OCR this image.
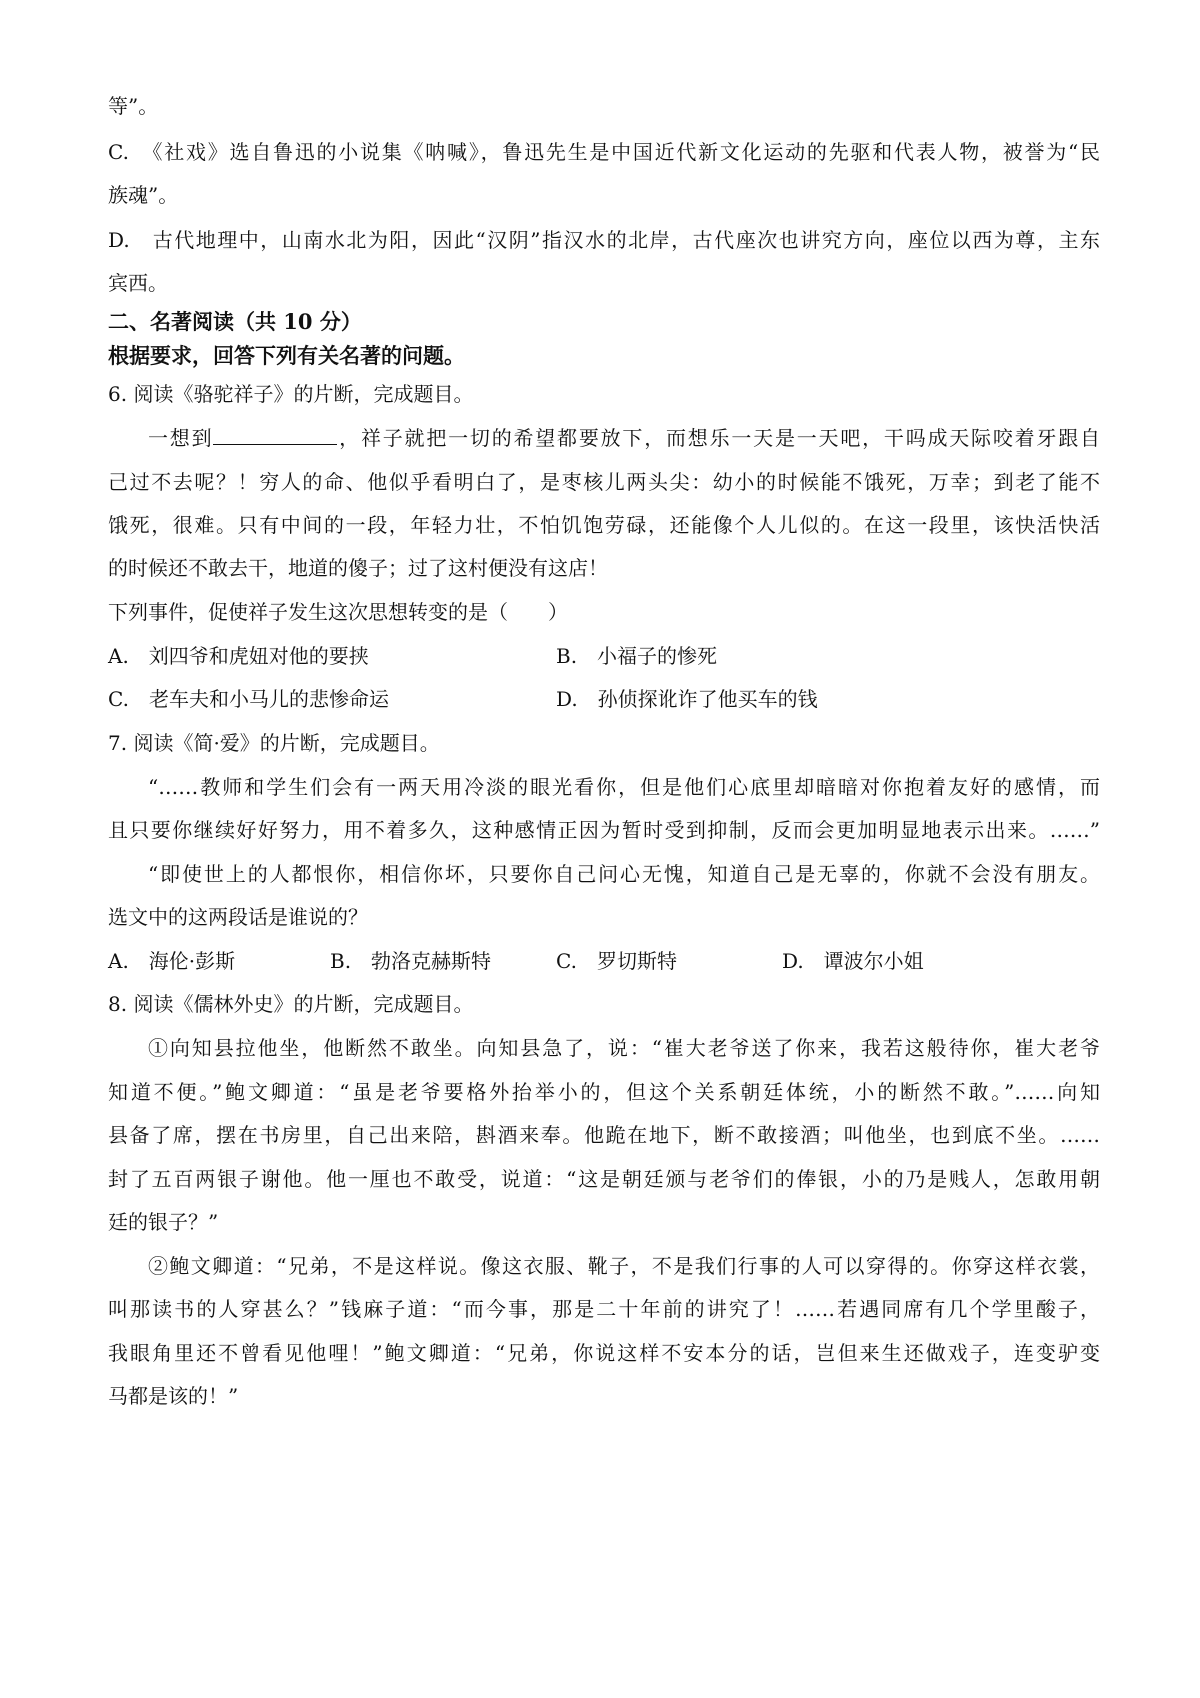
等”。
C.　《社戏》选自鲁迅的小说集《呐喊》，鲁迅先生是中国近代新文化运动的先驱和代表人物，被誉为“民
族魂”。
D.　古代地理中，山南水北为阳，因此“汉阴”指汉水的北岸，古代座次也讲究方向，座位以西为尊，主东
宾西。
二、名著阅读（共 10 分）
根据要求，回答下列有关名著的问题。
6. 阅读《骆驼祥子》的片断，完成题目。
一想到	，祥子就把一切的希望都要放下，而想乐一天是一天吧，干吗成天际咬着牙跟自
己过不去呢？！穷人的命、他似乎看明白了，是枣核儿两头尖：幼小的时候能不饿死，万幸；到老了能不
饿死，很难。只有中间的一段，年轻力壮，不怕饥饱劳碌，还能像个人儿似的。在这一段里，该快活快活
的时候还不敢去干，地道的傻子；过了这村便没有这店！
下列事件，促使祥子发生这次思想转变的是（　　）
A.　刘四爷和虎妞对他的要挟	B.　小福子的惨死
C.　老车夫和小马儿的悲惨命运	D.　孙侦探讹诈了他买车的钱
7. 阅读《简·爱》的片断，完成题目。
“……教师和学生们会有一两天用冷淡的眼光看你，但是他们心底里却暗暗对你抱着友好的感情，而
且只要你继续好好努力，用不着多久，这种感情正因为暂时受到抑制，反而会更加明显地表示出来。……”
“即使世上的人都恨你，相信你坏，只要你自己问心无愧，知道自己是无辜的，你就不会没有朋友。
选文中的这两段话是谁说的？
A.　海伦·彭斯	B.　勃洛克赫斯特	C.　罗切斯特	D.　谭波尔小姐
8. 阅读《儒林外史》的片断，完成题目。
①向知县拉他坐，他断然不敢坐。向知县急了，说：“崔大老爷送了你来，我若这般待你，崔大老爷
知道不便。”鲍文卿道：“虽是老爷要格外抬举小的，但这个关系朝廷体统，小的断然不敢。”……向知
县备了席，摆在书房里，自己出来陪，斟酒来奉。他跪在地下，断不敢接酒；叫他坐，也到底不坐。……
封了五百两银子谢他。他一厘也不敢受，说道：“这是朝廷颁与老爷们的俸银，小的乃是贱人，怎敢用朝
廷的银子？”
②鲍文卿道：“兄弟，不是这样说。像这衣服、靴子，不是我们行事的人可以穿得的。你穿这样衣裳，
叫那读书的人穿甚么？”钱麻子道：“而今事，那是二十年前的讲究了！……若遇同席有几个学里酸子，
我眼角里还不曾看见他哩！”鲍文卿道：“兄弟，你说这样不安本分的话，岂但来生还做戏子，连变驴变
马都是该的！”
